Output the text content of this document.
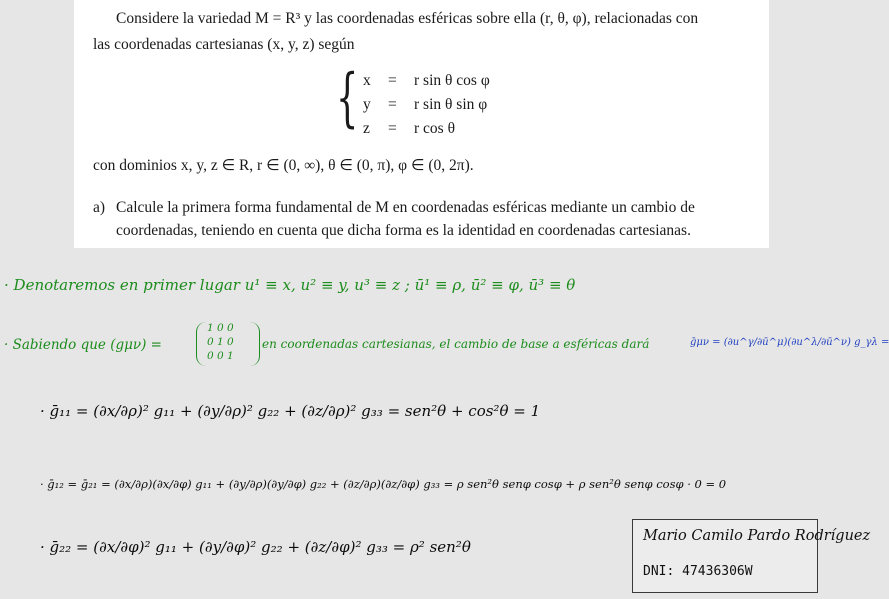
Considere la variedad M = R³ y las coordenadas esféricas sobre ella (r, θ, φ), relacionadas con
las coordenadas cartesianas (x, y, z) según
{ x = r sin θ cos φ
y = r sin θ sin φ
z = r cos θ
con dominios x, y, z ∈ R, r ∈ (0, ∞), θ ∈ (0, π), φ ∈ (0, 2π).
a) Calcule la primera forma fundamental de M en coordenadas esféricas mediante un cambio de
coordenadas, teniendo en cuenta que dicha forma es la identidad en coordenadas cartesianas.
· Denotaremos en primer lugar u¹ ≡ x, u² ≡ y, u³ ≡ z ; ū¹ ≡ ρ, ū² ≡ φ, ū³ ≡ θ
· Sabiendo que (gμν) =
1 0 0
0 1 0
0 0 1
en coordenadas cartesianas, el cambio de base a esféricas dará	ḡμν = (∂u^γ/∂ū^μ)(∂u^λ/∂ū^ν) g_γλ =
· ḡ₁₁ = (∂x/∂ρ)² g₁₁ + (∂y/∂ρ)² g₂₂ + (∂z/∂ρ)² g₃₃ = sen²θ + cos²θ = 1
· ḡ₁₂ = ḡ₂₁ = (∂x/∂ρ)(∂x/∂φ) g₁₁ + (∂y/∂ρ)(∂y/∂φ) g₂₂ + (∂z/∂ρ)(∂z/∂φ) g₃₃ = ρ sen²θ senφ cosφ + ρ sen²θ senφ cosφ · 0 = 0
· ḡ₂₂ = (∂x/∂φ)² g₁₁ + (∂y/∂φ)² g₂₂ + (∂z/∂φ)² g₃₃ = ρ² sen²θ
Mario Camilo Pardo Rodríguez
DNI: 47436306W
